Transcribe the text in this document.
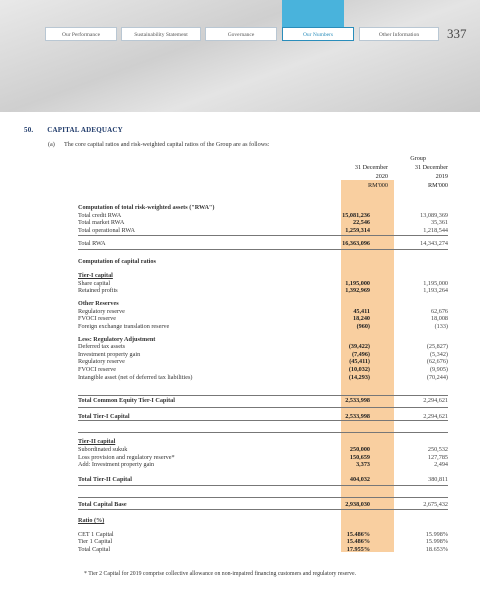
Our Performance	Sustainability Statement	Governance	Our Numbers	Other Information	337
50. CAPITAL ADEQUACY
(a) The core capital ratios and risk-weighted capital ratios of the Group are as follows:
Group
31 December
2020
RM'000
31 December
2019
RM'000
Computation of total risk-weighted assets ("RWA")
Total credit RWA	15,081,236	13,089,369
Total market RWA	22,546	35,361
Total operational RWA	1,259,314	1,218,544
Total RWA	16,363,096	14,343,274
Computation of capital ratios
Tier-I capital
Share capital	1,195,000	1,195,000
Retained profits	1,392,969	1,193,264
Other Reserves
Regulatory reserve	45,411	62,676
FVOCI reserve	18,240	18,008
Foreign exchange translation reserve	(960)	(133)
Less: Regulatory Adjustment
Deferred tax assets	(39,422)	(25,827)
Investment property gain	(7,496)	(5,342)
Regulatory reserve	(45,411)	(62,676)
FVOCI reserve	(10,032)	(9,905)
Intangible asset (net of deferred tax liabilities)	(14,293)	(70,244)
Total Common Equity Tier-I Capital	2,533,998	2,294,621
Total Tier-I Capital	2,533,998	2,294,621
Tier-II capital
Subordinated sukuk	250,000	250,532
Loss provision and regulatory reserve*	150,659	127,785
Add: Investment property gain	3,373	2,494
Total Tier-II Capital	404,032	380,811
Total Capital Base	2,938,030	2,675,432
Ratio (%)
CET 1 Capital	15.486%	15.998%
Tier 1 Capital	15.486%	15.998%
Total Capital	17.955%	18.653%
* Tier 2 Capital for 2019 comprise collective allowance on non-impaired financing customers and regulatory reserve.
